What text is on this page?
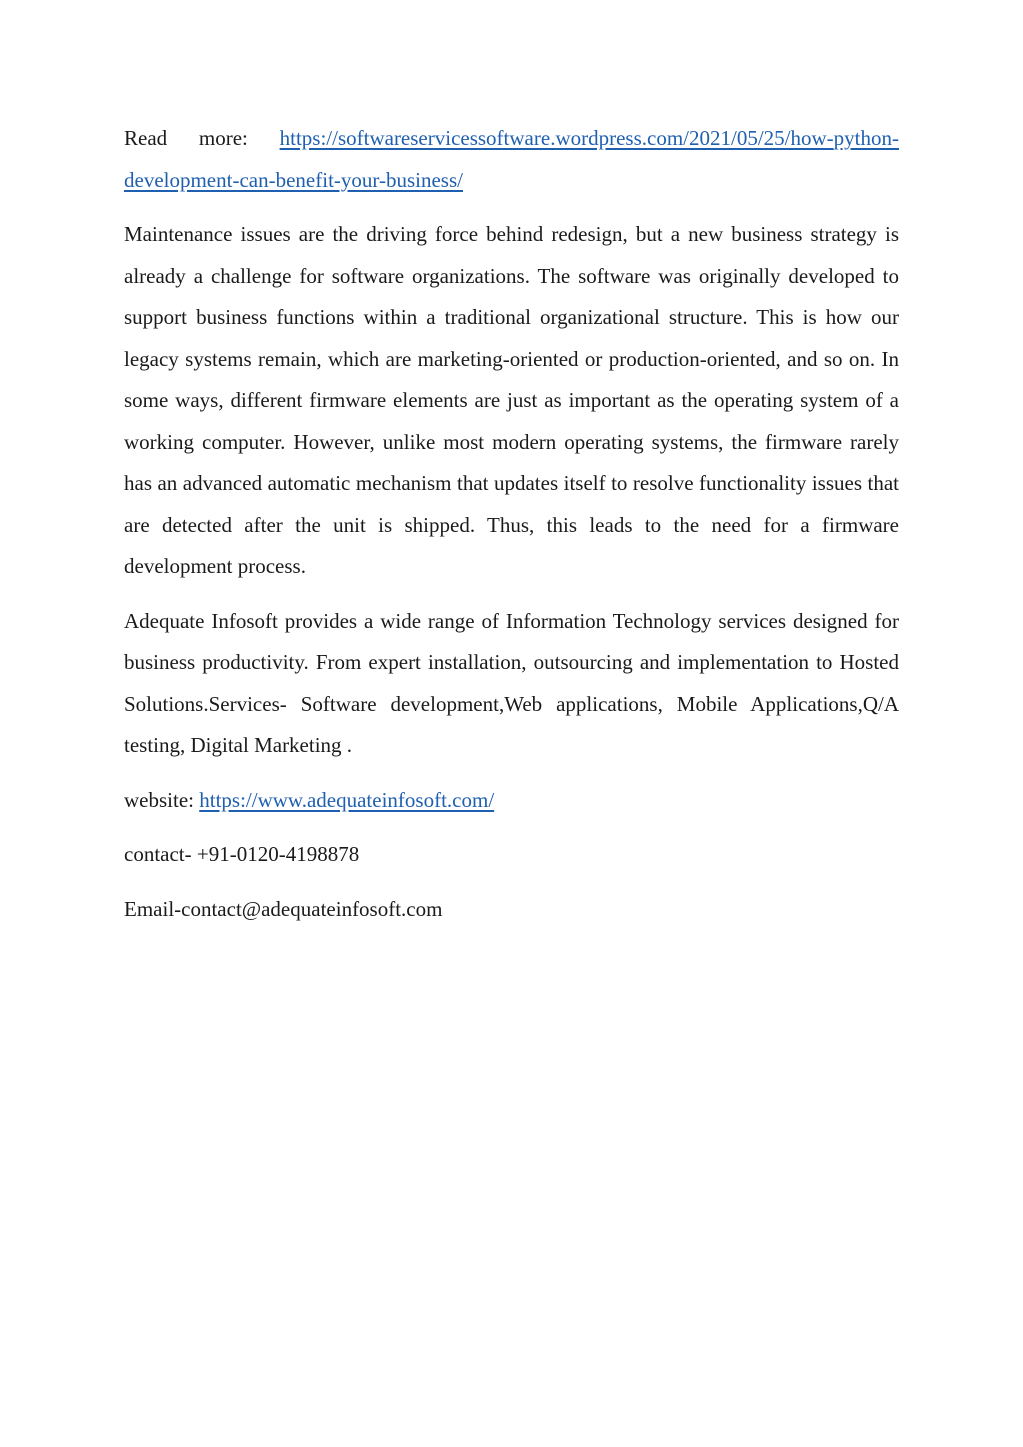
Read more: https://softwareservicessoftware.wordpress.com/2021/05/25/how-python-development-can-benefit-your-business/

Maintenance issues are the driving force behind redesign, but a new business strategy is already a challenge for software organizations. The software was originally developed to support business functions within a traditional organizational structure. This is how our legacy systems remain, which are marketing-oriented or production-oriented, and so on. In some ways, different firmware elements are just as important as the operating system of a working computer. However, unlike most modern operating systems, the firmware rarely has an advanced automatic mechanism that updates itself to resolve functionality issues that are detected after the unit is shipped. Thus, this leads to the need for a firmware development process.

Adequate Infosoft provides a wide range of Information Technology services designed for business productivity. From expert installation, outsourcing and implementation to Hosted Solutions.Services- Software development,Web applications, Mobile Applications,Q/A testing, Digital Marketing .

website: https://www.adequateinfosoft.com/

contact- +91-0120-4198878

Email-contact@adequateinfosoft.com
